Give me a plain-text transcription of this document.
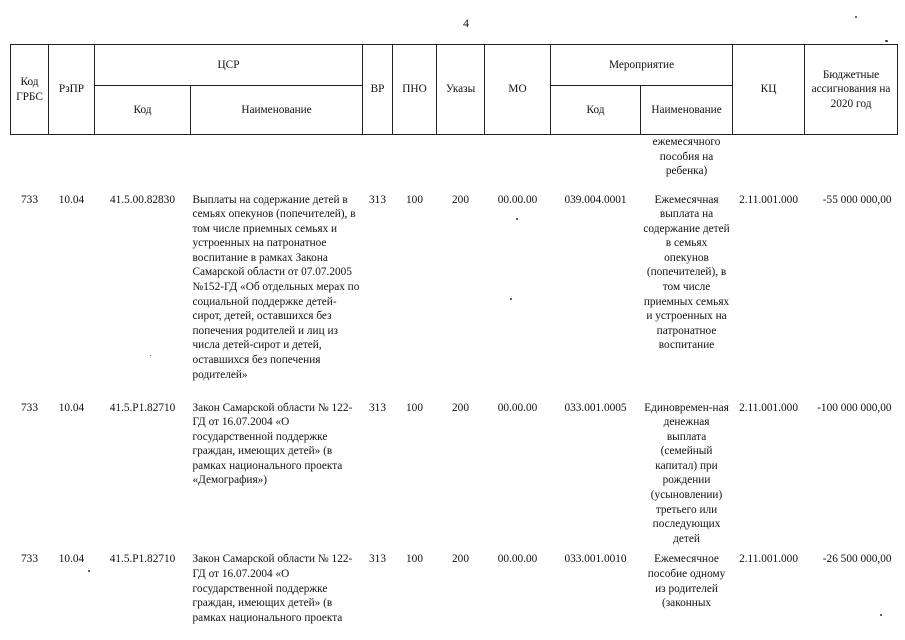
4
Код ГРБС	РзПР	ЦСР		ВР	ПНО	Указы	МО	Мероприятие		КЦ	Бюджетные ассигнования на 2020 год
		Код	Наименование					Код	Наименование		
									ежемесячного пособия на ребенка)		
733	10.04	41.5.00.82830	Выплаты на содержание детей в семьях опекунов (попечителей), в том числе приемных семьях и устроенных на патронатное воспитание в рамках Закона Самарской области от 07.07.2005 №152-ГД «Об отдельных мерах по социальной поддержке детей-сирот, детей, оставшихся без попечения родителей и лиц из числа детей-сирот и детей, оставшихся без попечения родителей»	313	100	200	00.00.00	039.004.0001	Ежемесячная выплата на содержание детей в семьях опекунов (попечителей), в том числе приемных семьях и устроенных на патронатное воспитание	2.11.001.000	-55 000 000,00
733	10.04	41.5.Р1.82710	Закон Самарской области № 122-ГД от 16.07.2004 «О государственной поддержке граждан, имеющих детей» (в рамках национального проекта «Демография»)	313	100	200	00.00.00	033.001.0005	Единовремен-ная денежная выплата (семейный капитал) при рождении (усыновлении) третьего или последующих детей	2.11.001.000	-100 000 000,00
733	10.04	41.5.Р1.82710	Закон Самарской области № 122-ГД от 16.07.2004 «О государственной поддержке граждан, имеющих детей» (в рамках национального проекта	313	100	200	00.00.00	033.001.0010	Ежемесячное пособие одному из родителей (законных	2.11.001.000	-26 500 000,00
